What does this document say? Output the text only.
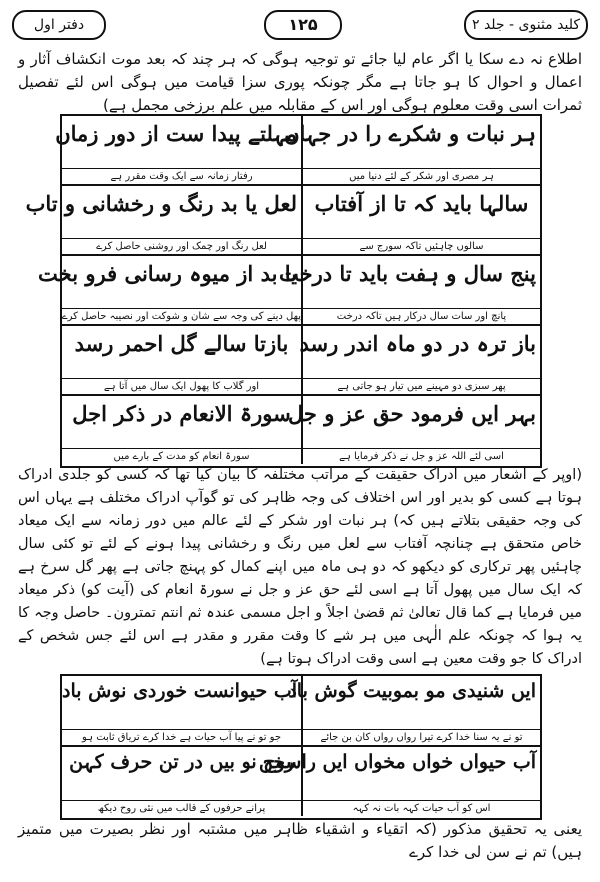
کلید مثنوی - جلد ۲
۱۲۵
دفتر اول
اطلاع نہ دے سکا یا اگر عام لیا جائے تو توجیہ ہوگی کہ ہر چند کہ بعد موت انکشاف آثار و اعمال و احوال کا ہو جاتا ہے مگر چونکہ پوری سزا قیامت میں ہوگی اس لئے تفصیل ثمرات اسی وقت معلوم ہوگی اور اس کے مقابلہ میں علم برزخی مجمل ہے)
ہر نبات و شکرے را در جہاں
ہر مصری اور شکر کے لئے دنیا میں
مہلتے پیدا ست از دور زماں
رفتار زمانہ سے ایک وقت مقرر ہے
سالہا باید کہ تا از آفتاب
سالوں چاہئیں تاکہ سورج سے
لعل یا بد رنگ و رخشانی و تاب
لعل رنگ اور چمک اور روشنی حاصل کرے
پنج سال و ہفت باید تا درخت
پانچ اور سات سال درکار ہیں تاکہ درخت
یا بد از میوہ رسانی فرو بخت
پھل دینے کی وجہ سے شان و شوکت اور نصیبہ حاصل کرے
باز ترہ در دو ماہ اندر رسد
پھر سبزی دو مہینے میں تیار ہو جاتی ہے
بازتا سالے گل احمر رسد
اور گلاب کا پھول ایک سال میں آتا ہے
بہر ایں فرمود حق عز و جل
اسی لئے اللہ عز و جل نے ذکر فرمایا ہے
سورۃ الانعام در ذکر اجل
سورۃ انعام کو مدت کے بارے میں
(اوپر کے اشعار میں ادراک حقیقت کے مراتب مختلفہ کا بیان کیا تھا کہ کسی کو جلدی ادراک ہوتا ہے کسی کو بدیر اور اس اختلاف کی وجہ ظاہر کی تو گوآپ ادراک مختلف ہے یہاں اس کی وجہ حقیقی بتلاتے ہیں کہ) ہر نبات اور شکر کے لئے عالم میں دور زمانہ سے ایک میعاد خاص متحقق ہے چنانچہ آفتاب سے لعل میں رنگ و رخشانی پیدا ہونے کے لئے تو کئی سال چاہئیں پھر ترکاری کو دیکھو کہ دو ہی ماہ میں اپنے کمال کو پہنچ جاتی ہے پھر گل سرخ ہے کہ ایک سال میں پھول آتا ہے اسی لئے حق عز و جل نے سورۃ انعام کی (آیت کو) ذکر میعاد میں فرمایا ہے کما قال تعالیٰ ثم قضیٰ اجلاً و اجل مسمی عندہ ثم انتم تمترون۔ حاصل وجہ کا یہ ہوا کہ چونکہ علم الٰہی میں ہر شے کا وقت مقرر و مقدر ہے اس لئے جس شخص کے ادراک کا جو وقت معین ہے اسی وقت ادراک ہوتا ہے)
ایں شنیدی مو بموبیت گوش باد
تو نے یہ سنا خدا کرے تیرا رواں رواں کان بن جائے
آب حیوانست خوردی نوش باد
جو تو نے پیا آب حیات ہے خدا کرے تریاق ثابت ہو
آب حیواں خواں مخواں ایں راسخن
اس کو آب حیات کہہ بات نہ کہہ
روح نو بیں در تن حرف کہن
پرانے حرفوں کے قالب میں نئی روح دیکھ
یعنی یہ تحقیق مذکور (کہ اتقیاء و اشقیاء ظاہر میں مشتبہ اور نظر بصیرت میں متمیز ہیں) تم نے سن لی خدا کرے
